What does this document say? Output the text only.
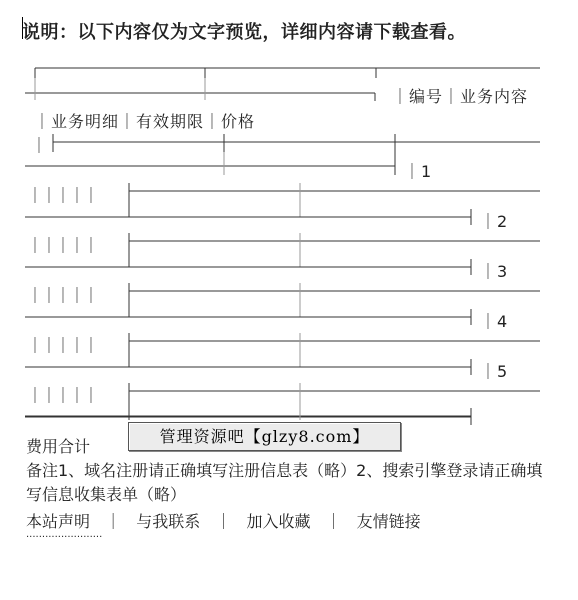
说明：以下内容仅为文字预览，详细内容请下载查看。
｜编号｜业务内容
｜业务明细｜有效期限｜价格
｜
｜1
｜2
｜3
｜4
｜5
｜｜｜｜｜
｜｜｜｜｜
｜｜｜｜｜
｜｜｜｜｜
｜｜｜｜｜
管理资源吧【glzy8.com】
费用合计
备注1、域名注册请正确填写注册信息表（略）2、搜索引擎登录请正确填写信息收集表单（略）
本站声明 ｜ 与我联系 ｜ 加入收藏 ｜ 友情链接
························
